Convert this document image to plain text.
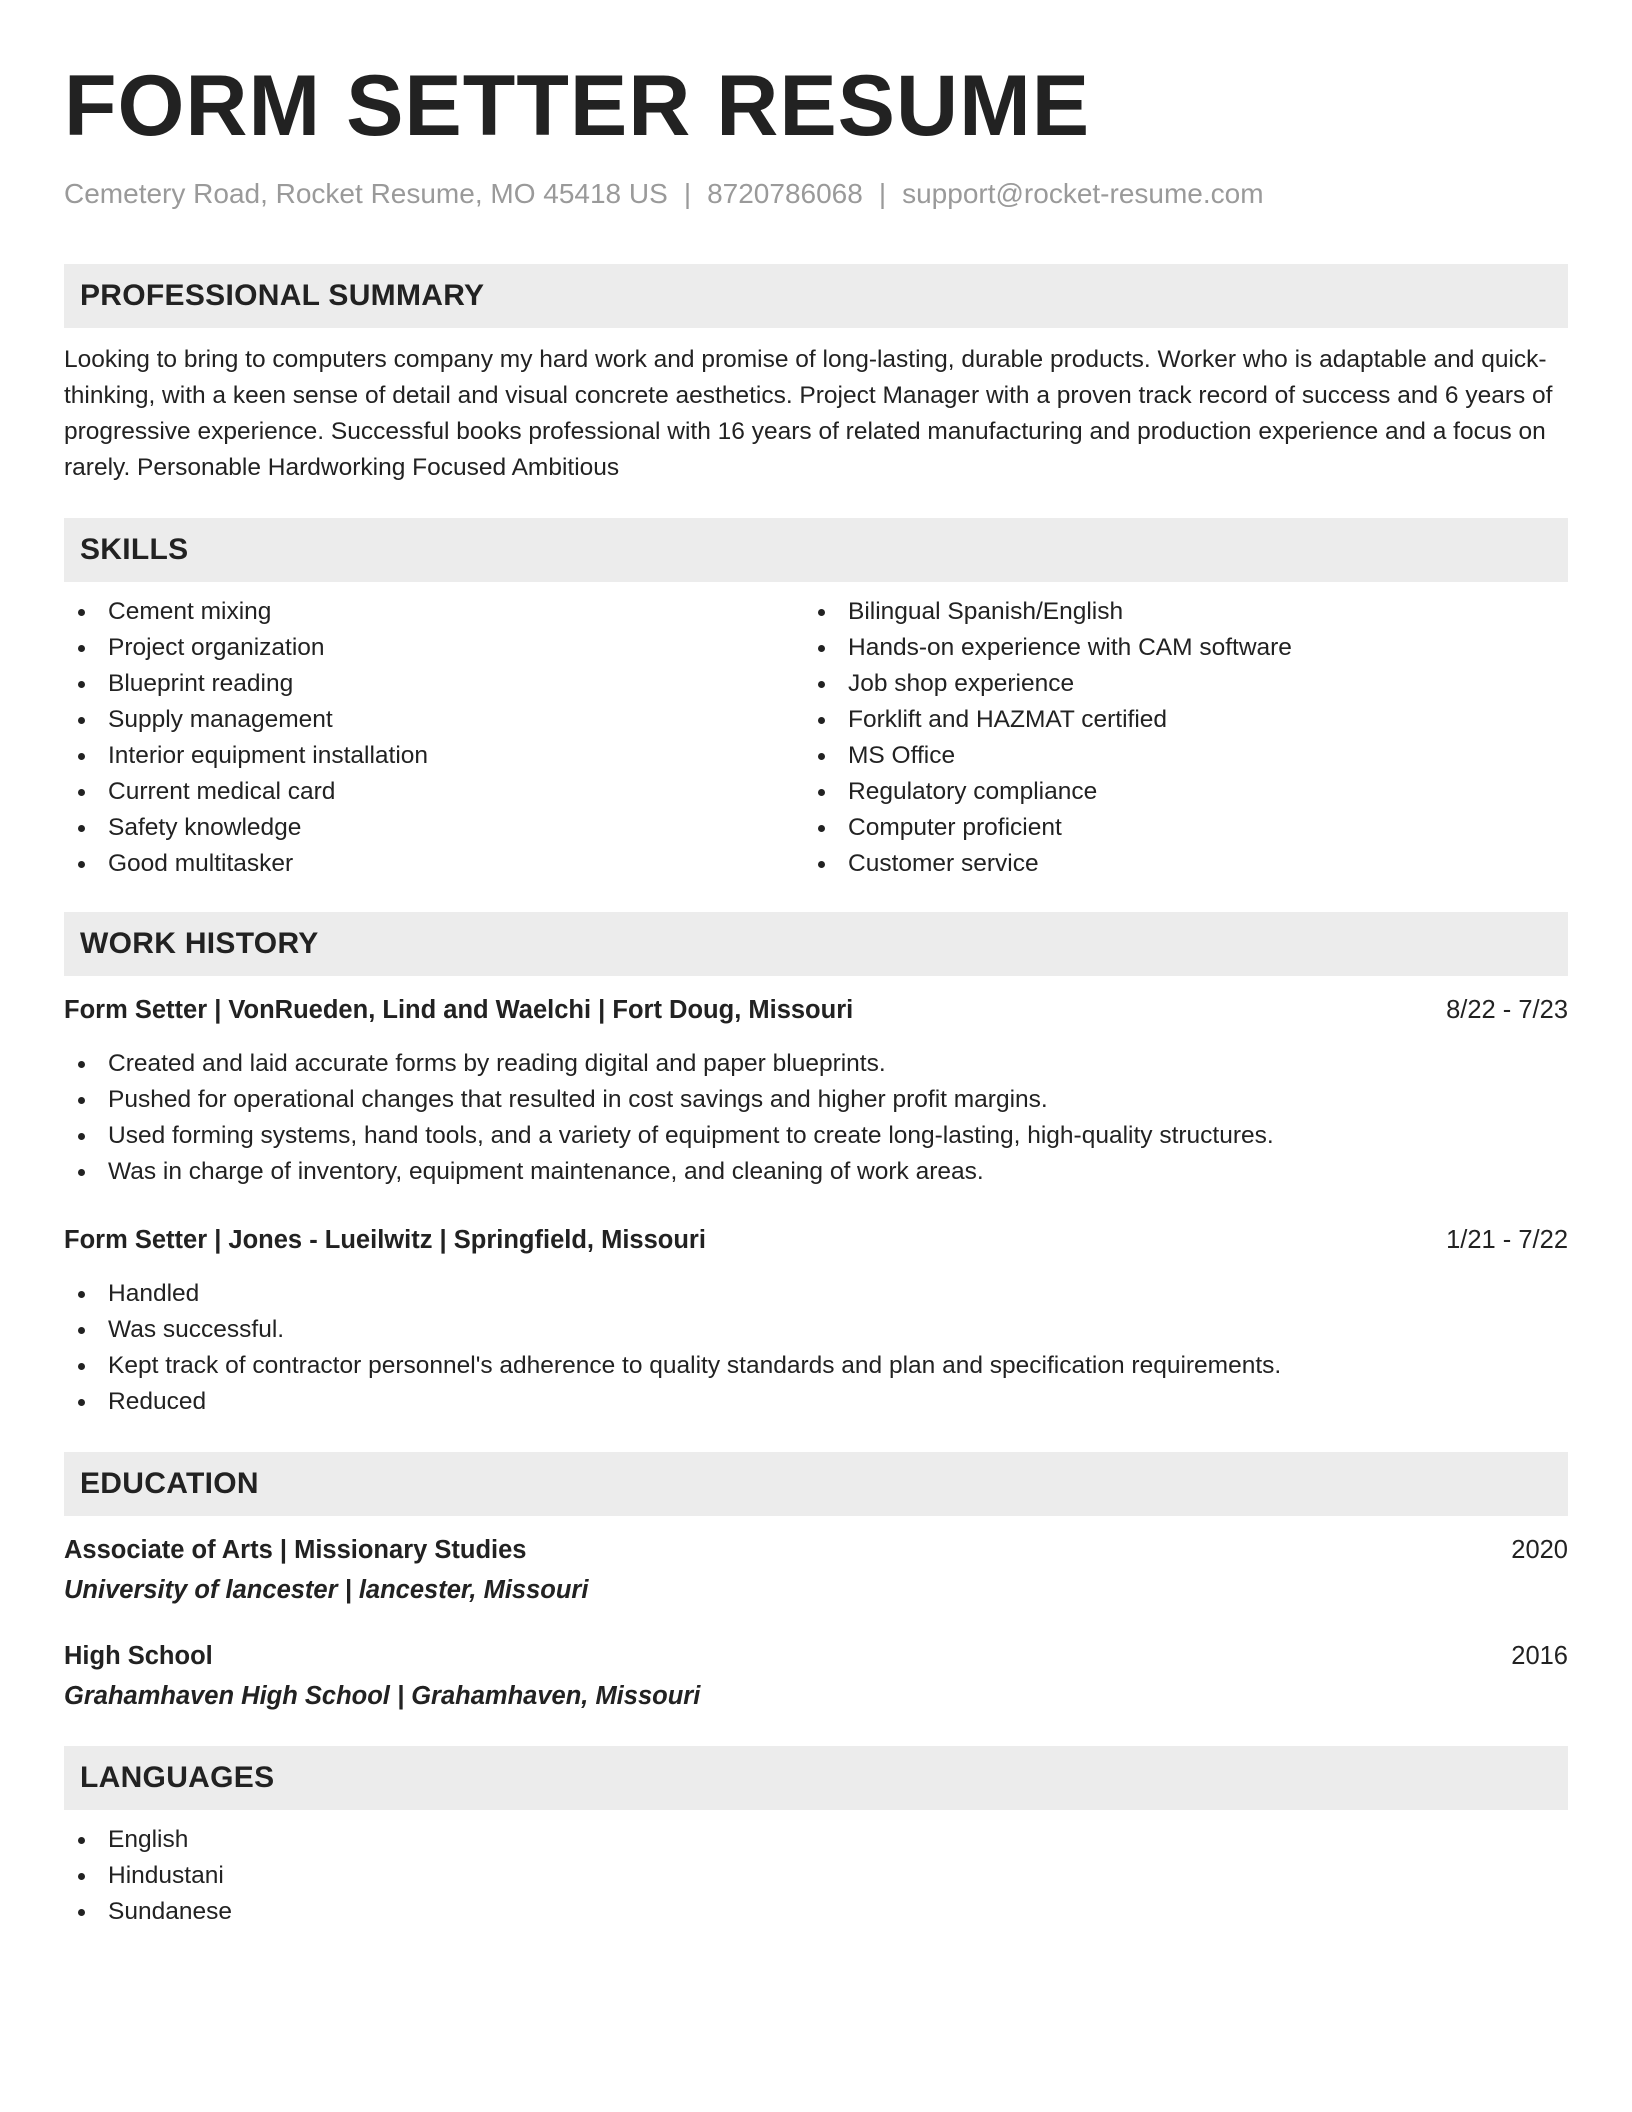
FORM SETTER RESUME
Cemetery Road, Rocket Resume, MO 45418 US | 8720786068 | support@rocket-resume.com
PROFESSIONAL SUMMARY

Looking to bring to computers company my hard work and promise of long-lasting, durable products. Worker who is adaptable and quick-thinking, with a keen sense of detail and visual concrete aesthetics. Project Manager with a proven track record of success and 6 years of progressive experience. Successful books professional with 16 years of related manufacturing and production experience and a focus on rarely. Personable Hardworking Focused Ambitious

SKILLS
Cement mixing
Project organization
Blueprint reading
Supply management
Interior equipment installation
Current medical card
Safety knowledge
Good multitasker
Bilingual Spanish/English
Hands-on experience with CAM software
Job shop experience
Forklift and HAZMAT certified
MS Office
Regulatory compliance
Computer proficient
Customer service
WORK HISTORY
Form Setter | VonRueden, Lind and Waelchi | Fort Doug, Missouri	8/22 - 7/23
Created and laid accurate forms by reading digital and paper blueprints.
Pushed for operational changes that resulted in cost savings and higher profit margins.
Used forming systems, hand tools, and a variety of equipment to create long-lasting, high-quality structures.
Was in charge of inventory, equipment maintenance, and cleaning of work areas.
Form Setter | Jones - Lueilwitz | Springfield, Missouri	1/21 - 7/22
Handled
Was successful.
Kept track of contractor personnel's adherence to quality standards and plan and specification requirements.
Reduced
EDUCATION
Associate of Arts | Missionary Studies	2020
University of lancester | lancester, Missouri
High School	2016
Grahamhaven High School | Grahamhaven, Missouri
LANGUAGES
English
Hindustani
Sundanese
